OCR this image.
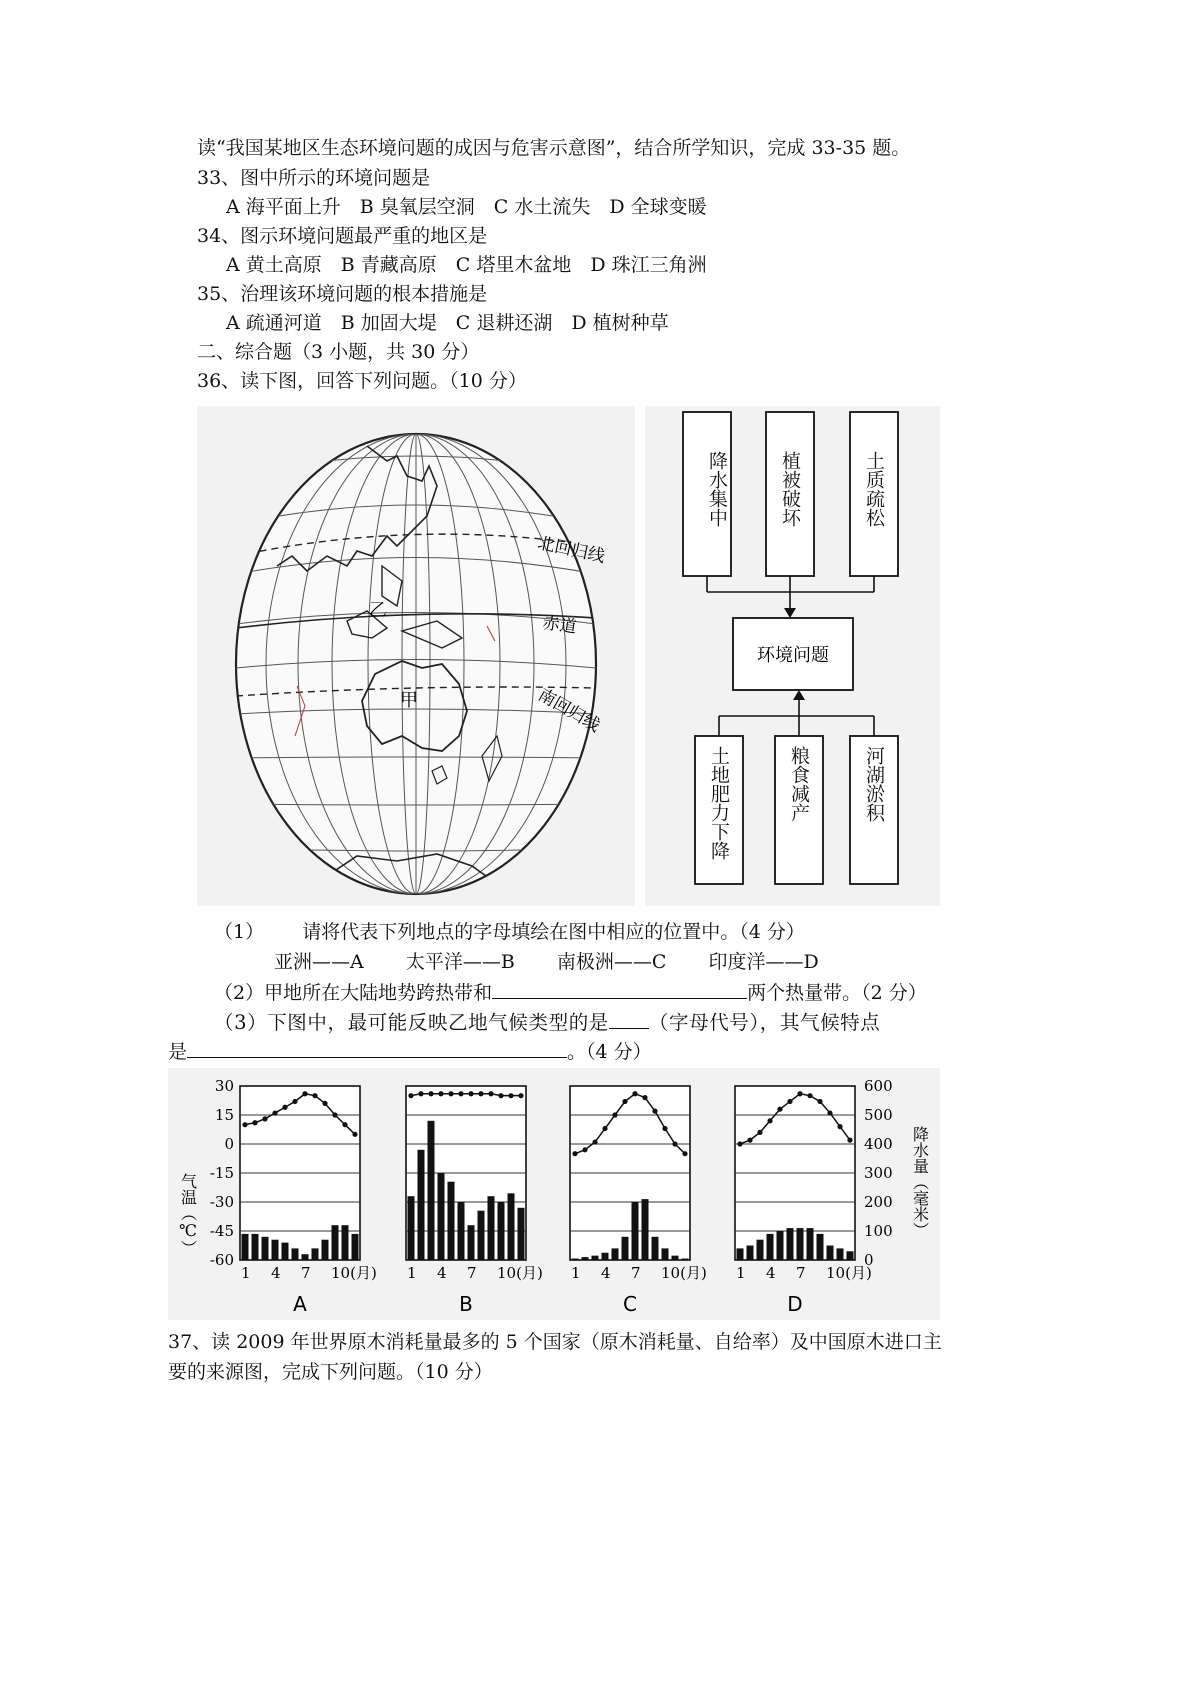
读“我国某地区生态环境问题的成因与危害示意图”，结合所学知识，完成 33-35 题。
33、图中所示的环境问题是
A 海平面上升　B 臭氧层空洞　C 水土流失　D 全球变暖
34、图示环境问题最严重的地区是
A 黄土高原　B 青藏高原　C 塔里木盆地　D 珠江三角洲
35、治理该环境问题的根本措施是
A 疏通河道　B 加固大堤　C 退耕还湖　D 植树种草
二、综合题（3 小题，共 30 分）
36、读下图，回答下列问题。（10 分）
北回归线
赤道
南回归线
甲
乙
环境问题
降水集中	植被破坏	土质疏松
土地肥力下降	粮食减产	河湖淤积
（1） 请将代表下列地点的字母填绘在图中相应的位置中。（4 分）
亚洲——A 太平洋——B 南极洲——C 印度洋——D
（2）甲地所在大陆地势跨热带和	两个热量带。（2 分）
（3）下图中，最可能反映乙地气候类型的是 （字母代号），其气候特点
是	。（4 分）
30
15
0
-15
-30
-45
-60
600
500
400
300
200
100
0
气温（℃）	降水量（毫米）
1 4 7 10(月)
A
1 4 7 10(月)
B
1 4 7 10(月)
C
1 4 7 10(月)
D
37、读 2009 年世界原木消耗量最多的 5 个国家（原木消耗量、自给率）及中国原木进口主
要的来源图，完成下列问题。（10 分）
